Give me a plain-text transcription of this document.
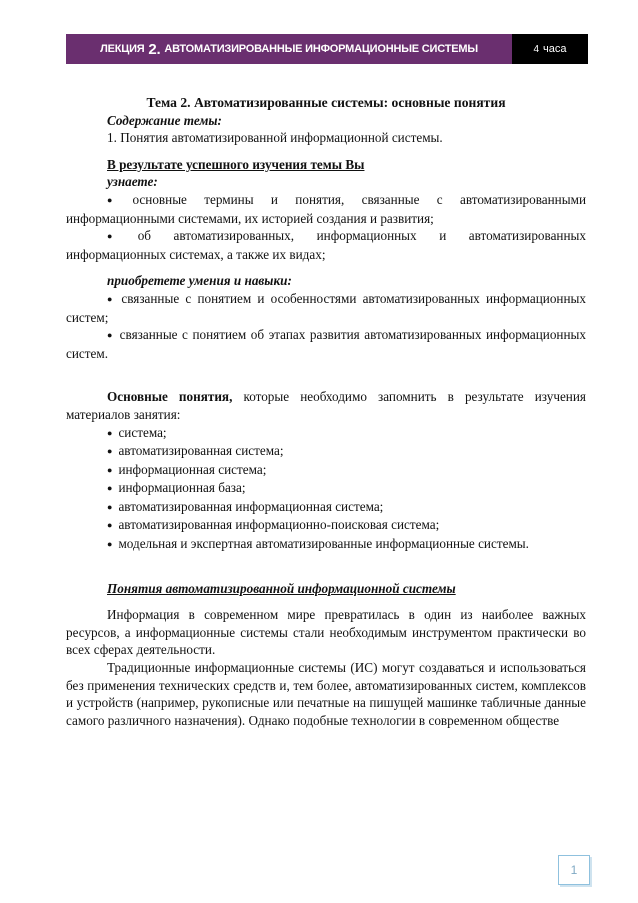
ЛЕКЦИЯ
2.
АВТОМАТИЗИРОВАННЫЕ ИНФОРМАЦИОННЫЕ СИСТЕМЫ	4 часа

Тема 2. Автоматизированные системы: основные понятия

Содержание темы:

1. Понятия автоматизированной информационной системы.

В результате успешного изучения темы Вы

узнаете:

● основные термины и понятия, связанные с автоматизированными информационными системами, их историей создания и развития;

● об автоматизированных, информационных и автоматизированных информационных системах, а также их видах;

приобретете умения и навыки:

● связанные с понятием и особенностями автоматизированных информационных систем;

● связанные с понятием об этапах развития автоматизированных информационных систем.

Основные понятия, которые необходимо запомнить в результате изучения материалов занятия:

● система;

● автоматизированная система;

● информационная система;

● информационная база;

● автоматизированная информационная система;

● автоматизированная информационно-поисковая система;

● модельная и экспертная автоматизированные информационные системы.

Понятия автоматизированной информационной системы

Информация в современном мире превратилась в один из наиболее важных ресурсов, а информационные системы стали необходимым инструментом практически во всех сферах деятельности.

Традиционные информационные системы (ИС) могут создаваться и использоваться без применения технических средств и, тем более, автоматизированных систем, комплексов и устройств (например, рукописные или печатные на пишущей машинке табличные данные самого различного назначения). Однако подобные технологии в современном обществе

1
